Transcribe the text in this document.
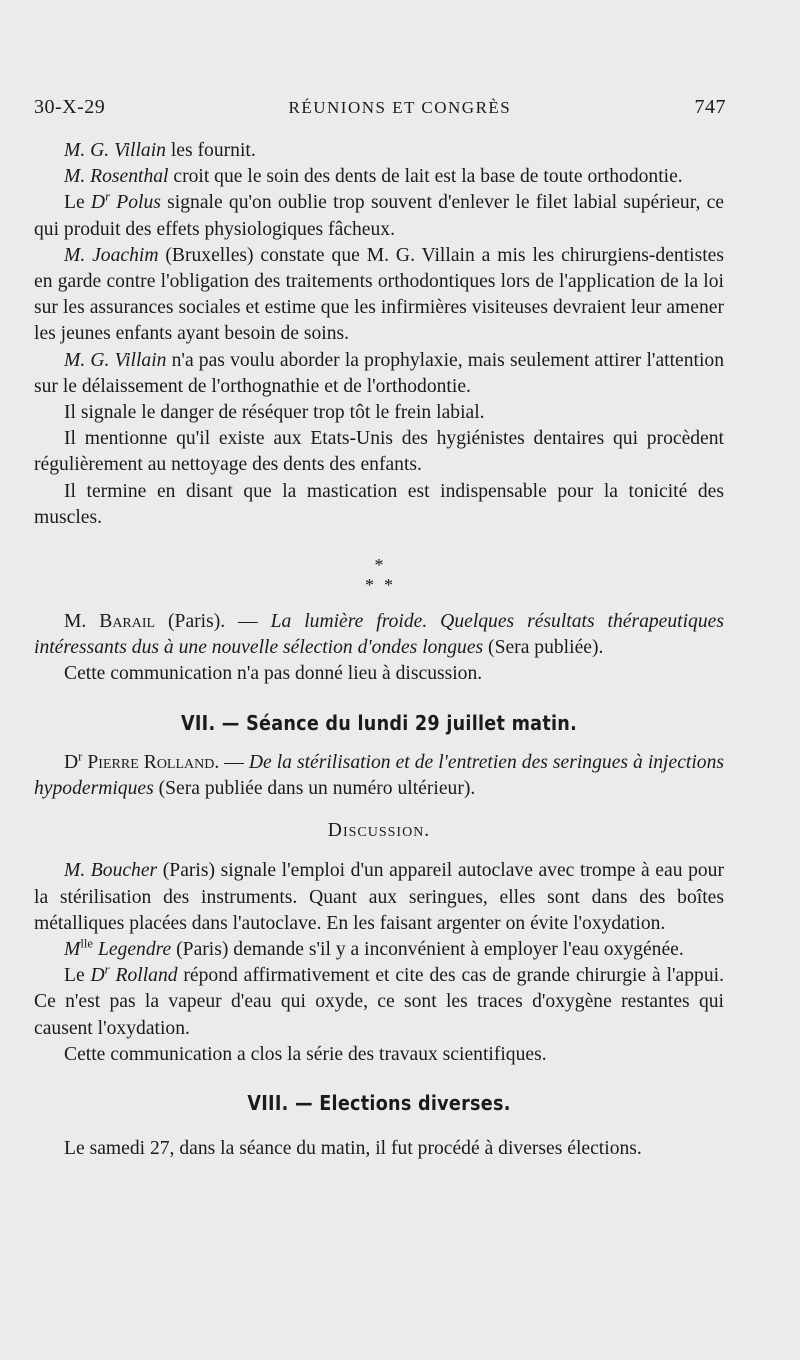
30-X-29	RÉUNIONS ET CONGRÈS	747

M. G. Villain les fournit.

M. Rosenthal croit que le soin des dents de lait est la base de toute orthodontie.

Le $D^r$ Polus signale qu'on oublie trop souvent d'enlever le filet labial supérieur, ce qui produit des effets physiologiques fâcheux.

M. Joachim (Bruxelles) constate que M. G. Villain a mis les chirurgiens-dentistes en garde contre l'obligation des traitements orthodontiques lors de l'application de la loi sur les assurances sociales et estime que les infirmières visiteuses devraient leur amener les jeunes enfants ayant besoin de soins.

M. G. Villain n'a pas voulu aborder la prophylaxie, mais seulement attirer l'attention sur le délaissement de l'orthognathie et de l'orthodontie.

Il signale le danger de réséquer trop tôt le frein labial.

Il mentionne qu'il existe aux Etats-Unis des hygiénistes dentaires qui procèdent régulièrement au nettoyage des dents des enfants.

Il termine en disant que la mastication est indispensable pour la tonicité des muscles.

*
**

M. Barail (Paris). — La lumière froide. Quelques résultats thérapeutiques intéressants dus à une nouvelle sélection d'ondes longues (Sera publiée).

Cette communication n'a pas donné lieu à discussion.

VII. — Séance du lundi 29 juillet matin.

$D^r$ Pierre Rolland. — De la stérilisation et de l'entretien des seringues à injections hypodermiques (Sera publiée dans un numéro ultérieur).

Discussion.

M. Boucher (Paris) signale l'emploi d'un appareil autoclave avec trompe à eau pour la stérilisation des instruments. Quant aux seringues, elles sont dans des boîtes métalliques placées dans l'autoclave. En les faisant argenter on évite l'oxydation.

$M^{lle}$ Legendre (Paris) demande s'il y a inconvénient à employer l'eau oxygénée.

Le $D^r$ Rolland répond affirmativement et cite des cas de grande chirurgie à l'appui. Ce n'est pas la vapeur d'eau qui oxyde, ce sont les traces d'oxygène restantes qui causent l'oxydation.

Cette communication a clos la série des travaux scientifiques.

VIII. — Elections diverses.

Le samedi 27, dans la séance du matin, il fut procédé à diverses élections.
